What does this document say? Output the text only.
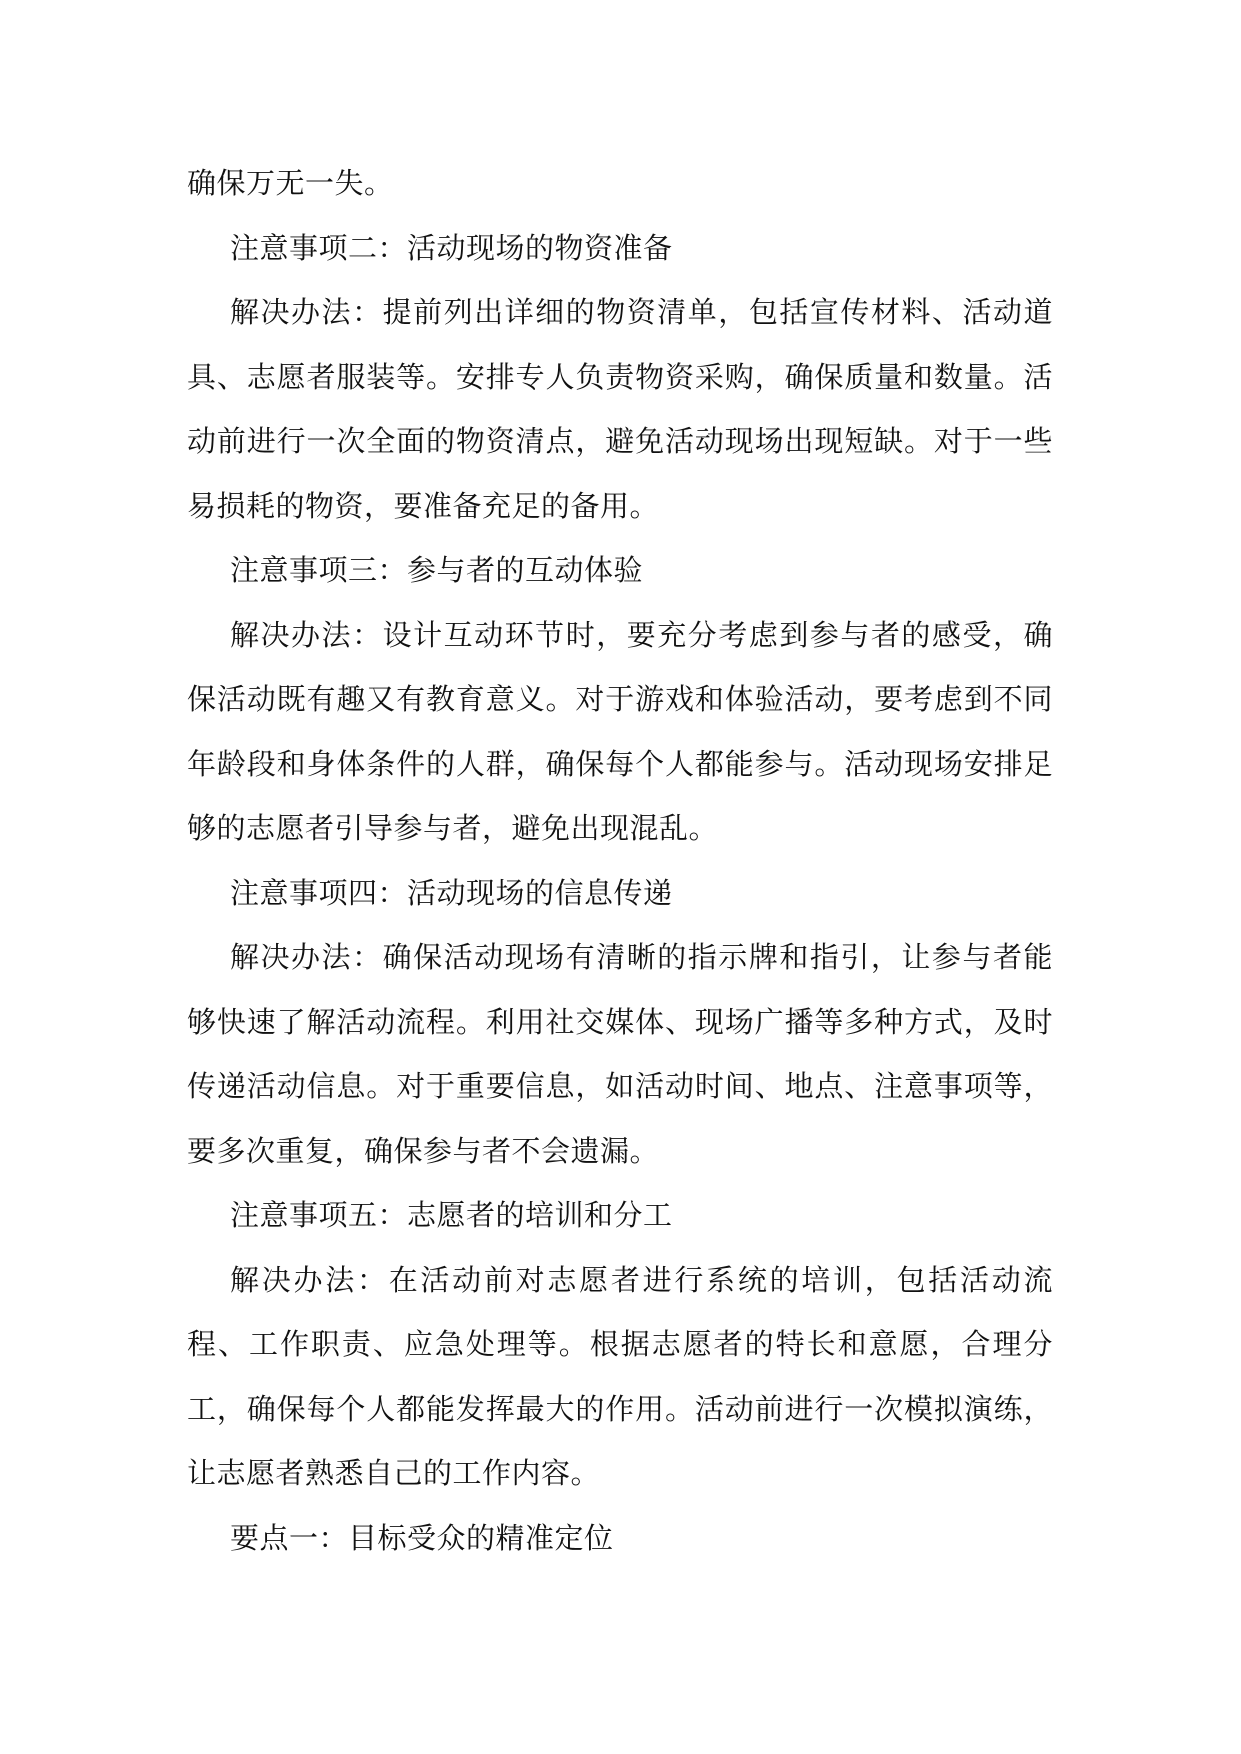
确保万无一失。

注意事项二：活动现场的物资准备

解决办法：提前列出详细的物资清单，包括宣传材料、活动道具、志愿者服装等。安排专人负责物资采购，确保质量和数量。活动前进行一次全面的物资清点，避免活动现场出现短缺。对于一些易损耗的物资，要准备充足的备用。

注意事项三：参与者的互动体验

解决办法：设计互动环节时，要充分考虑到参与者的感受，确保活动既有趣又有教育意义。对于游戏和体验活动，要考虑到不同年龄段和身体条件的人群，确保每个人都能参与。活动现场安排足够的志愿者引导参与者，避免出现混乱。

注意事项四：活动现场的信息传递

解决办法：确保活动现场有清晰的指示牌和指引，让参与者能够快速了解活动流程。利用社交媒体、现场广播等多种方式，及时传递活动信息。对于重要信息，如活动时间、地点、注意事项等，要多次重复，确保参与者不会遗漏。

注意事项五：志愿者的培训和分工

解决办法：在活动前对志愿者进行系统的培训，包括活动流程、工作职责、应急处理等。根据志愿者的特长和意愿，合理分工，确保每个人都能发挥最大的作用。活动前进行一次模拟演练，让志愿者熟悉自己的工作内容。

要点一：目标受众的精准定位
